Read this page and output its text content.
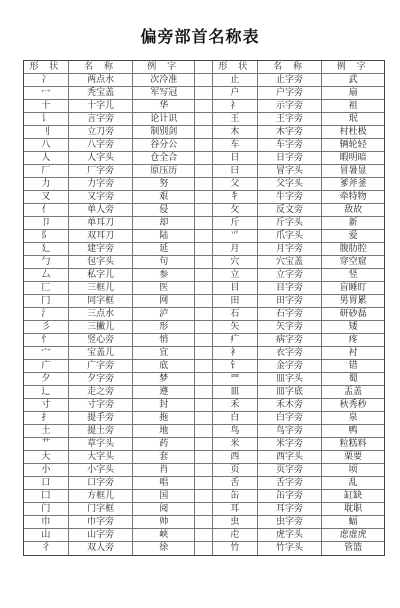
偏旁部首名称表
形 状	名 称	例 字	形 状	名 称	例 字
冫	两点水	次冷准	止	止字旁	武
冖	秃宝盖	军写冠	户	户字旁	扇
十	十字儿	华	礻	示字旁	祖
讠	言字旁	论计识	王	王字旁	珉
刂	立刀旁	制别剑	木	木字旁	村杜极
八	八字旁	谷分公	车	车字旁	辆轮轻
人	人字头	仓全合	日	日字旁	暇明暗
厂	厂字旁	原压历	曰	冒字头	冒暑显
力	力字旁	努	父	父字头	爹斧釜
又	又字旁	艰	牜	牛字旁	牵特物
亻	单人旁	侵	攵	反文旁	敌故
卩	单耳刀	却	斤	斤字头	新
阝	双耳刀	陆	爫	爪字头	爱
廴	建字旁	延	月	月字旁	腹肋腔
勹	包字头	句	穴	穴宝盖	穿空窟
厶	私字儿	参	立	立字旁	竖
匚	三框儿	医	目	目字旁	盲睡盯
冂	同字框	网	田	田字旁	男胃累
氵	三点水	泸	石	石字旁	研砂磊
彡	三撇儿	形	矢	矢字旁	矮
忄	竖心旁	悄	疒	病字旁	疼
宀	宝盖儿	宜	衤	衣字旁	衬
广	广字旁	底	钅	金字旁	错
夕	夕字旁	梦	罒	皿字头	蜀
辶	走之旁	遵	皿	皿字底	盂盖
寸	寸字旁	封	禾	禾木旁	秋秀秒
扌	提手旁	拖	白	白字旁	泉
土	提土旁	地	鸟	鸟字旁	鸭
艹	草字头	药	米	米字旁	粒糕料
大	大字头	套	西	西字头	栗要
小	小字头	肖	页	页字旁	顷
口	口字旁	唱	舌	舌字旁	乱
囗	方框儿	国	缶	缶字旁	缸缺
门	门字框	阅	耳	耳字旁	耽职
巾	巾字旁	帅	虫	虫字旁	蝠
山	山字旁	峡	虍	虎字头	虑虚虎
彳	双人旁	徐	竹	竹字头	管篮
